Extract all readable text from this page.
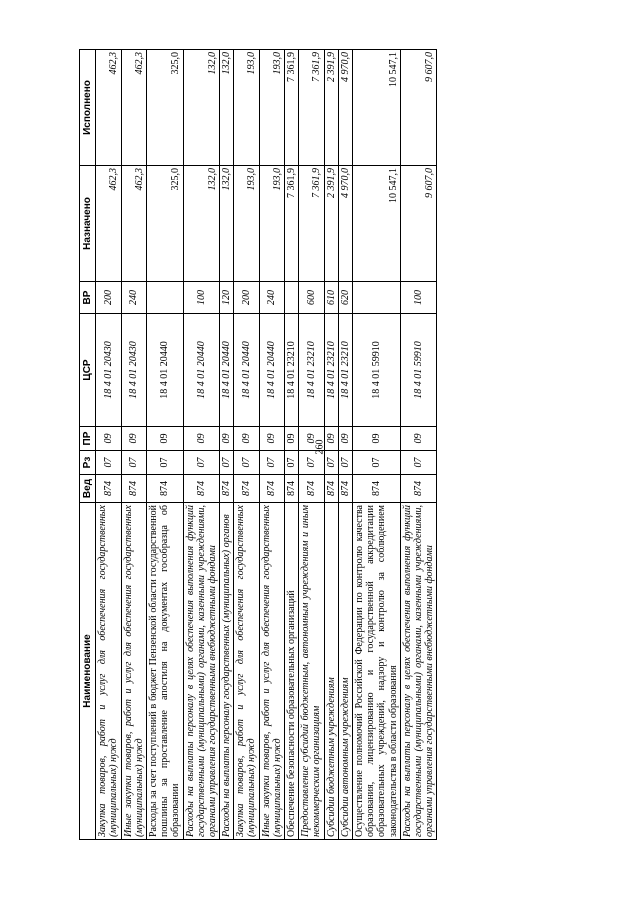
260
Наименование	Вед	Рз	ПР	ЦСР	ВР	Назначено	Исполнено
Закупка товаров, работ и услуг для обеспечения государственных (муниципальных) нужд	874	07	09	18 4 01 20430	200	462,3	462,3
Иные закупки товаров, работ и услуг для обеспечения государственных (муниципальных) нужд	874	07	09	18 4 01 20430	240	462,3	462,3
Расходы за счет поступлений в бюджет Пензенской области государственной пошлины за проставление апостиля на документах гособразца об образовании	874	07	09	18 4 01 20440		325,0	325,0
Расходы на выплаты персоналу в целях обеспечения выполнения функций государственными (муниципальными) органами, казенными учреждениями, органами управления государственными внебюджетными фондами	874	07	09	18 4 01 20440	100	132,0	132,0
Расходы на выплаты персоналу государственных (муниципальных) органов	874	07	09	18 4 01 20440	120	132,0	132,0
Закупка товаров, работ и услуг для обеспечения государственных (муниципальных) нужд	874	07	09	18 4 01 20440	200	193,0	193,0
Иные закупки товаров, работ и услуг для обеспечения государственных (муниципальных) нужд	874	07	09	18 4 01 20440	240	193,0	193,0
Обеспечение безопасности образовательных организаций	874	07	09	18 4 01 23210		7 361,9	7 361,9
Предоставление субсидий бюджетным, автономным учреждениям и иным некоммерческим организациям	874	07	09	18 4 01 23210	600	7 361,9	7 361,9
Субсидии бюджетным учреждениям	874	07	09	18 4 01 23210	610	2 391,9	2 391,9
Субсидии автономным учреждениям	874	07	09	18 4 01 23210	620	4 970,0	4 970,0
Осуществление полномочий Российской Федерации по контролю качества образования, лицензированию и государственной аккредитации образовательных учреждений, надзору и контролю за соблюдением законодательства в области образования	874	07	09	18 4 01 59910		10 547,1	10 547,1
Расходы на выплаты персоналу в целях обеспечения выполнения функций государственными (муниципальными) органами, казенными учреждениями, органами управления государственными внебюджетными фондами	874	07	09	18 4 01 59910	100	9 607,0	9 607,0
